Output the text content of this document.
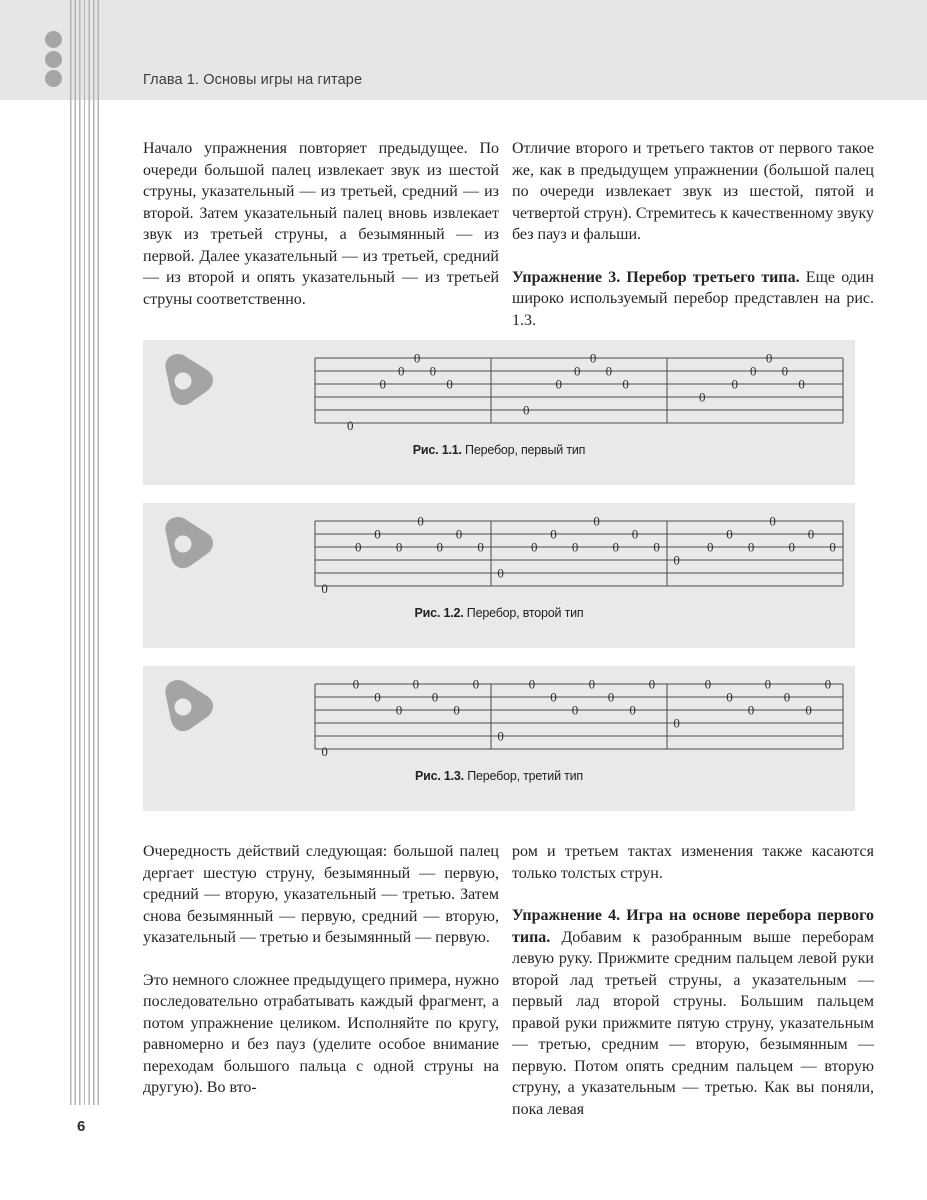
Глава 1. Основы игры на гитаре

Начало упражнения повторяет предыдущее. По очереди большой палец извлекает звук из шестой струны, указательный — из третьей, средний — из второй. Затем указательный палец вновь извлекает звук из третьей струны, а безымянный — из первой. Далее указательный — из третьей, средний — из второй и опять указательный — из третьей струны соответственно.

Отличие второго и третьего тактов от первого такое же, как в предыдущем упражнении (большой палец по очереди извлекает звук из шестой, пятой и четвертой струн). Стремитесь к качественному звуку без пауз и фальши.

Упражнение 3. Перебор третьего типа. Еще один широко используемый перебор представлен на рис. 1.3.

0
0
0
0
0
0
0
0
0
0
0
0
0
0
0
0
0
0
Рис. 1.1. Перебор, первый тип
0
0
0
0
0
0
0
0
0
0
0
0
0
0
0
0
0
0
0
0
0
0
0
0
Рис. 1.2. Перебор, второй тип
0
0
0
0
0
0
0
0
0
0
0
0
0
0
0
0
0
0
0
0
0
0
0
0
Рис. 1.3. Перебор, третий тип

Очередность действий следующая: большой палец дергает шестую струну, безымянный — первую, средний — вторую, указательный — третью. Затем снова безымянный — первую, средний — вторую, указательный — третью и безымянный — первую.

Это немного сложнее предыдущего примера, нужно последовательно отрабатывать каждый фрагмент, а потом упражнение целиком. Исполняйте по кругу, равномерно и без пауз (уделите особое внимание переходам большого пальца с одной струны на другую). Во вто-

ром и третьем тактах изменения также касаются только толстых струн.

Упражнение 4. Игра на основе перебора первого типа. Добавим к разобранным выше переборам левую руку. Прижмите средним пальцем левой руки второй лад третьей струны, а указательным — первый лад второй струны. Большим пальцем правой руки прижмите пятую струну, указательным — третью, средним — вторую, безымянным — первую. Потом опять средним пальцем — вторую струну, а указательным — третью. Как вы поняли, пока левая

6
